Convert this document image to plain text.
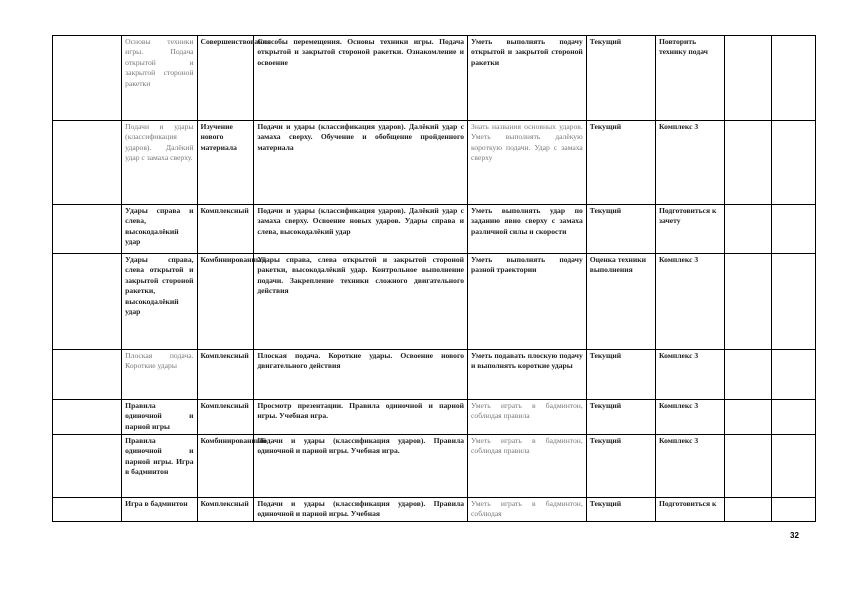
	Основы техники игры. Подача открытой и закрытой стороной ракетки	Совершенствования	Способы перемещения. Основы техники игры. Подача открытой и закрытой стороной ракетки. Ознакомление и освоение	Уметь выполнять подачу открытой и закрытой стороной ракетки	Текущий	Повторить технику подач		
	Подачи и удары (классификация ударов). Далёкий удар с замаха сверху.	Изучение нового материала	Подачи и удары (классификация ударов). Далёкий удар с замаха сверху. Обучение и обобщение пройденного материала	Знать названия основных ударов. Уметь выполнять далёкую короткую подачи. Удар с замаха сверху	Текущий	Комплекс 3		
	Удары справа и слева, высокодалёкий удар	Комплексный	Подачи и удары (классификация ударов). Далёкий удар с замаха сверху. Освоение новых ударов. Удары справа и слева, высокодалёкий удар	Уметь выполнять удар по заданию явно сверху с замаха различной силы и скорости	Текущий	Подготовиться к зачету		
	Удары справа, слева открытой и закрытой стороной ракетки, высокодалёкий удар	Комбинированный	Удары справа, слева открытой и закрытой стороной ракетки, высокодалёкий удар. Контрольное выполнение подачи. Закрепление техники сложного двигательного действия	Уметь выполнять подачу разной траектории	Оценка техники выполнения	Комплекс 3		
	Плоская подача. Короткие удары	Комплексный	Плоская подача. Короткие удары. Освоение нового двигательного действия	Уметь подавать плоскую подачу и выполнять короткие удары	Текущий	Комплекс 3		
	Правила одиночной и парной игры	Комплексный	Просмотр презентации. Правила одиночной и парной игры. Учебная игра.	Уметь играть в бадминтон, соблюдая правила	Текущий	Комплекс 3		
	Правила одиночной и парной игры. Игра в бадминтон	Комбинированный	Подачи и удары (классификация ударов). Правила одиночной и парной игры. Учебная игра.	Уметь играть в бадминтон, соблюдая правила	Текущий	Комплекс 3		
	Игра в бадминтон	Комплексный	Подачи и удары (классификация ударов). Правила одиночной и парной игры. Учебная	Уметь играть в бадминтон, соблюдая	Текущий	Подготовиться к		
32
